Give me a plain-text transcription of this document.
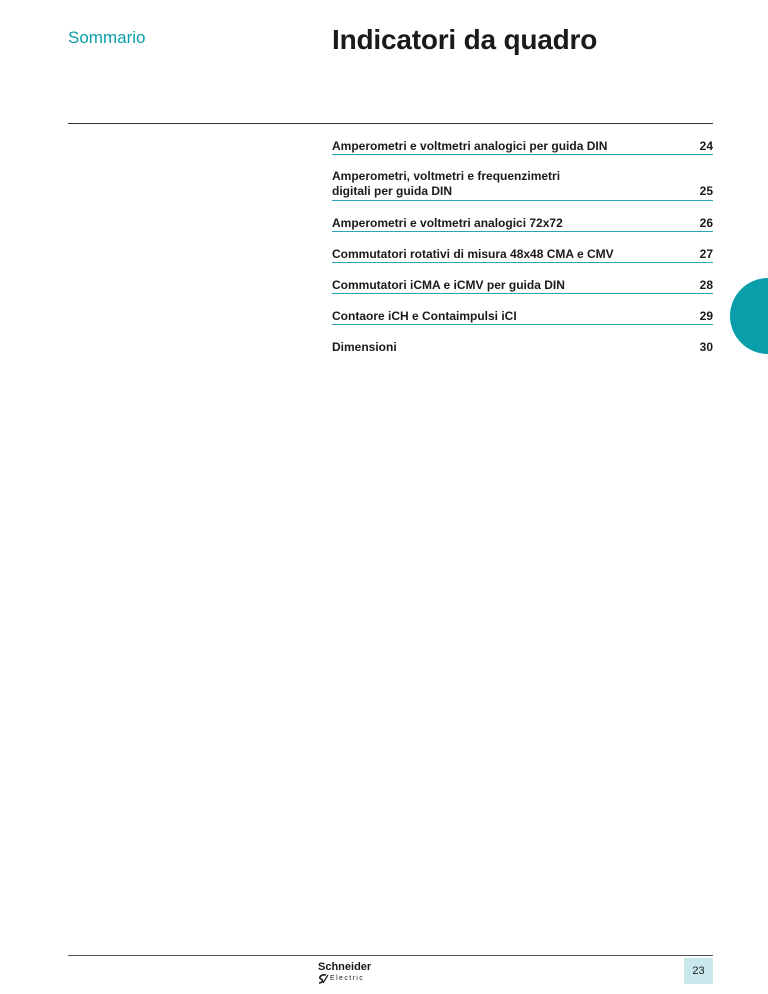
Sommario	Indicatori da quadro
Amperometri e voltmetri analogici per guida DIN	24
Amperometri, voltmetri e frequenzimetri
digitali per guida DIN	25
Amperometri e voltmetri analogici 72x72	26
Commutatori rotativi di misura 48x48 CMA e CMV	27
Commutatori iCMA e iCMV per guida DIN	28
Contaore iCH e Contaimpulsi iCI	29
Dimensioni	30
Schneider
Electric
23
